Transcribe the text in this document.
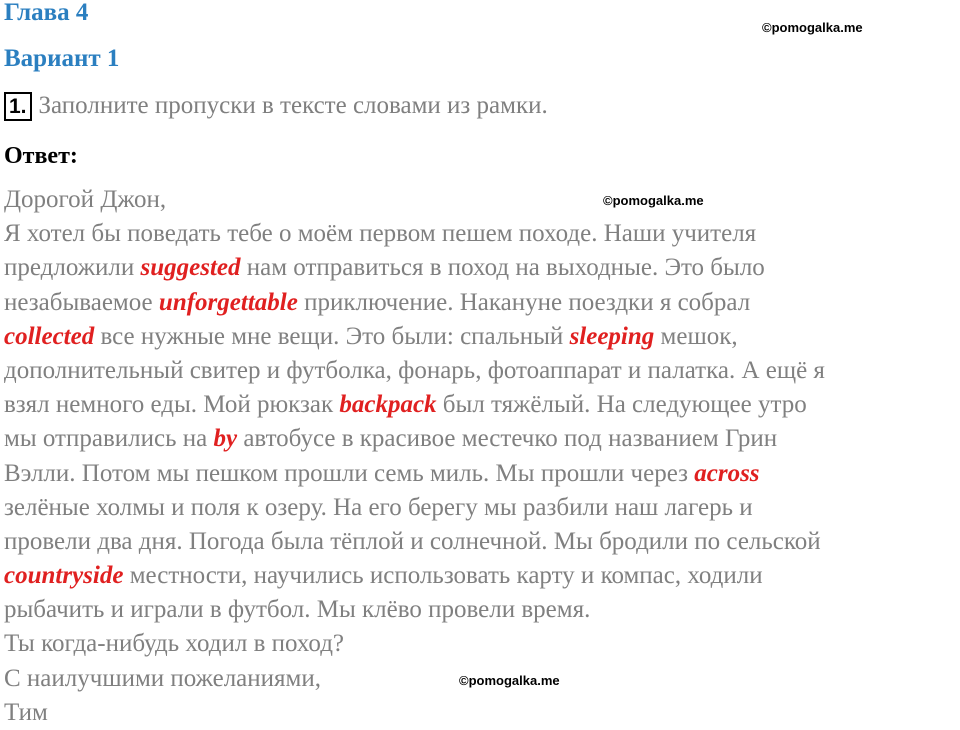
Глава 4
©pomogalka.me
Вариант 1
1. Заполните пропуски в тексте словами из рамки.
Ответ:
©pomogalka.me
Дорогой Джон,
Я хотел бы поведать тебе о моём первом пешем походе. Наши учителя
предложили suggested нам отправиться в поход на выходные. Это было
незабываемое unforgettable приключение. Накануне поездки я собрал
collected все нужные мне вещи. Это были: спальный sleeping мешок,
дополнительный свитер и футболка, фонарь, фотоаппарат и палатка. А ещё я
взял немного еды. Мой рюкзак backpack был тяжёлый. На следующее утро
мы отправились на by автобусе в красивое местечко под названием Грин
Вэлли. Потом мы пешком прошли семь миль. Мы прошли через across
зелёные холмы и поля к озеру. На его берегу мы разбили наш лагерь и
провели два дня. Погода была тёплой и солнечной. Мы бродили по сельской
countryside местности, научились использовать карту и компас, ходили
рыбачить и играли в футбол. Мы клёво провели время.
Ты когда-нибудь ходил в поход?
С наилучшими пожеланиями,
Тим
©pomogalka.me
